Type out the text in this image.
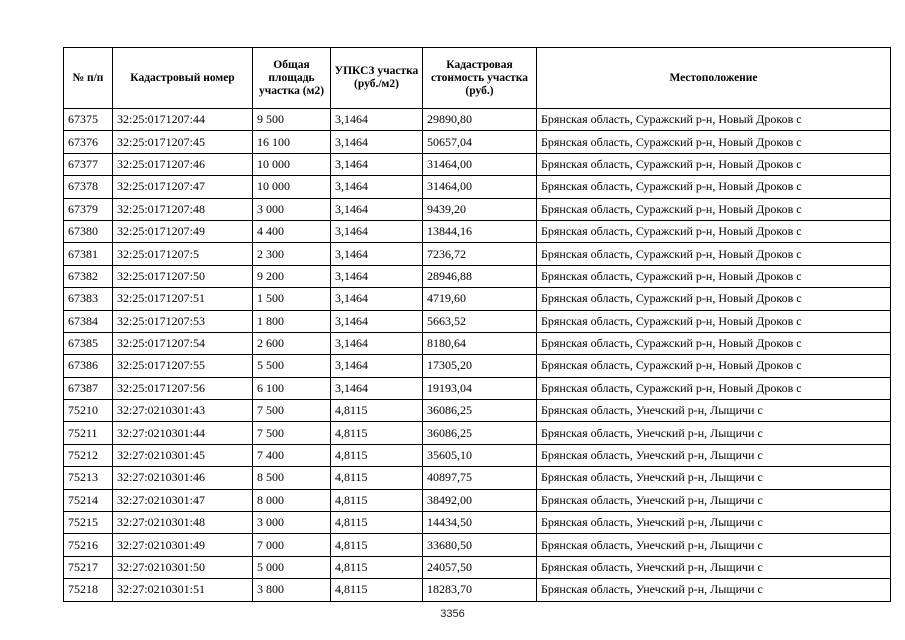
№ п/п	Кадастровый номер	Общая площадь участка (м2)	УПКСЗ участка (руб./м2)	Кадастровая стоимость участка (руб.)	Местоположение
67375	32:25:0171207:44	9 500	3,1464	29890,80	Брянская область, Суражский р-н, Новый Дроков с
67376	32:25:0171207:45	16 100	3,1464	50657,04	Брянская область, Суражский р-н, Новый Дроков с
67377	32:25:0171207:46	10 000	3,1464	31464,00	Брянская область, Суражский р-н, Новый Дроков с
67378	32:25:0171207:47	10 000	3,1464	31464,00	Брянская область, Суражский р-н, Новый Дроков с
67379	32:25:0171207:48	3 000	3,1464	9439,20	Брянская область, Суражский р-н, Новый Дроков с
67380	32:25:0171207:49	4 400	3,1464	13844,16	Брянская область, Суражский р-н, Новый Дроков с
67381	32:25:0171207:5	2 300	3,1464	7236,72	Брянская область, Суражский р-н, Новый Дроков с
67382	32:25:0171207:50	9 200	3,1464	28946,88	Брянская область, Суражский р-н, Новый Дроков с
67383	32:25:0171207:51	1 500	3,1464	4719,60	Брянская область, Суражский р-н, Новый Дроков с
67384	32:25:0171207:53	1 800	3,1464	5663,52	Брянская область, Суражский р-н, Новый Дроков с
67385	32:25:0171207:54	2 600	3,1464	8180,64	Брянская область, Суражский р-н, Новый Дроков с
67386	32:25:0171207:55	5 500	3,1464	17305,20	Брянская область, Суражский р-н, Новый Дроков с
67387	32:25:0171207:56	6 100	3,1464	19193,04	Брянская область, Суражский р-н, Новый Дроков с
75210	32:27:0210301:43	7 500	4,8115	36086,25	Брянская область, Унечский р-н, Лыщичи с
75211	32:27:0210301:44	7 500	4,8115	36086,25	Брянская область, Унечский р-н, Лыщичи с
75212	32:27:0210301:45	7 400	4,8115	35605,10	Брянская область, Унечский р-н, Лыщичи с
75213	32:27:0210301:46	8 500	4,8115	40897,75	Брянская область, Унечский р-н, Лыщичи с
75214	32:27:0210301:47	8 000	4,8115	38492,00	Брянская область, Унечский р-н, Лыщичи с
75215	32:27:0210301:48	3 000	4,8115	14434,50	Брянская область, Унечский р-н, Лыщичи с
75216	32:27:0210301:49	7 000	4,8115	33680,50	Брянская область, Унечский р-н, Лыщичи с
75217	32:27:0210301:50	5 000	4,8115	24057,50	Брянская область, Унечский р-н, Лыщичи с
75218	32:27:0210301:51	3 800	4,8115	18283,70	Брянская область, Унечский р-н, Лыщичи с
3356
